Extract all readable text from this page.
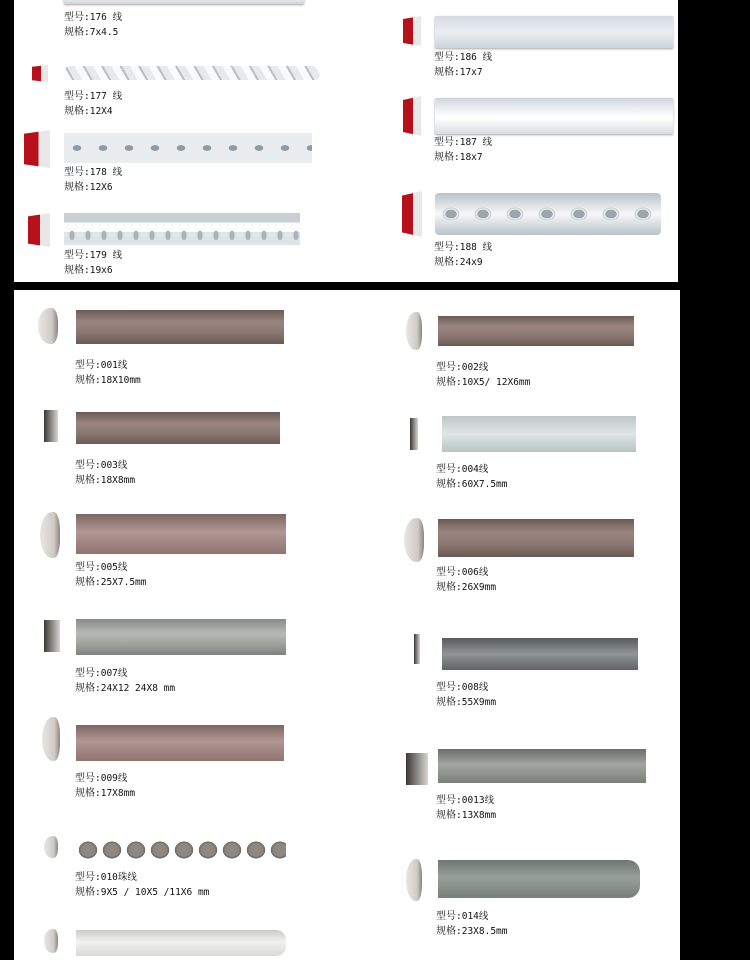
型号:176 线
规格:7x4.5
型号:177 线
规格:12X4
型号:178 线
规格:12X6
型号:179 线
规格:19x6
型号:186 线
规格:17x7
型号:187 线
规格:18x7
型号:188 线
规格:24x9
型号:001线
规格:18X10mm
型号:003线
规格:18X8mm
型号:005线
规格:25X7.5mm
型号:007线
规格:24X12 24X8 mm
型号:009线
规格:17X8mm
型号:010珠线
规格:9X5 / 10X5 /11X6 mm
型号:002线
规格:10X5/ 12X6mm
型号:004线
规格:60X7.5mm
型号:006线
规格:26X9mm
型号:008线
规格:55X9mm
型号:0013线
规格:13X8mm
型号:014线
规格:23X8.5mm
